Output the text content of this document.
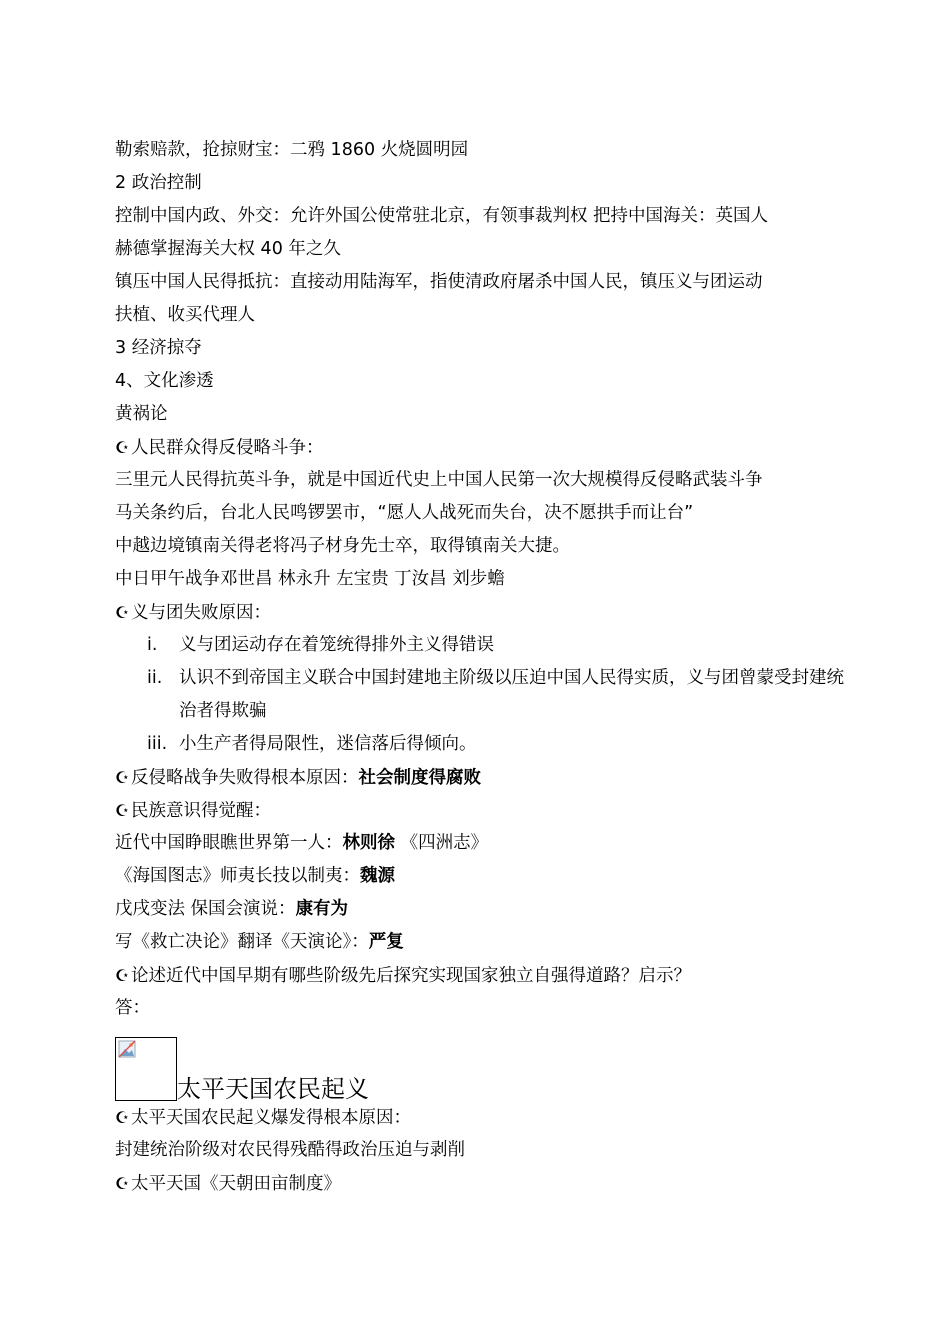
勒索赔款，抢掠财宝：二鸦 1860 火烧圆明园
2 政治控制
控制中国内政、外交：允许外国公使常驻北京，有领事裁判权 把持中国海关：英国人
赫德掌握海关大权 40 年之久
镇压中国人民得抵抗：直接动用陆海军，指使清政府屠杀中国人民，镇压义与团运动
扶植、收买代理人
3 经济掠夺
4、文化渗透
黄祸论
☪人民群众得反侵略斗争：
三里元人民得抗英斗争，就是中国近代史上中国人民第一次大规模得反侵略武装斗争
马关条约后，台北人民鸣锣罢市，“愿人人战死而失台，决不愿拱手而让台”
中越边境镇南关得老将冯子材身先士卒，取得镇南关大捷。
中日甲午战争邓世昌 林永升 左宝贵 丁汝昌 刘步蟾
☪义与团失败原因：
i. 义与团运动存在着笼统得排外主义得错误
ii. 认识不到帝国主义联合中国封建地主阶级以压迫中国人民得实质，义与团曾蒙受封建统治者得欺骗
iii. 小生产者得局限性，迷信落后得倾向。
☪反侵略战争失败得根本原因：社会制度得腐败
☪民族意识得觉醒：
近代中国睁眼瞧世界第一人：林则徐 《四洲志》
《海国图志》师夷长技以制夷：魏源
戊戌变法 保国会演说：康有为
写《救亡决论》翻译《天演论》：严复
☪论述近代中国早期有哪些阶级先后探究实现国家独立自强得道路？启示？
答：
太平天国农民起义
☪太平天国农民起义爆发得根本原因：
封建统治阶级对农民得残酷得政治压迫与剥削
☪太平天国《天朝田亩制度》
